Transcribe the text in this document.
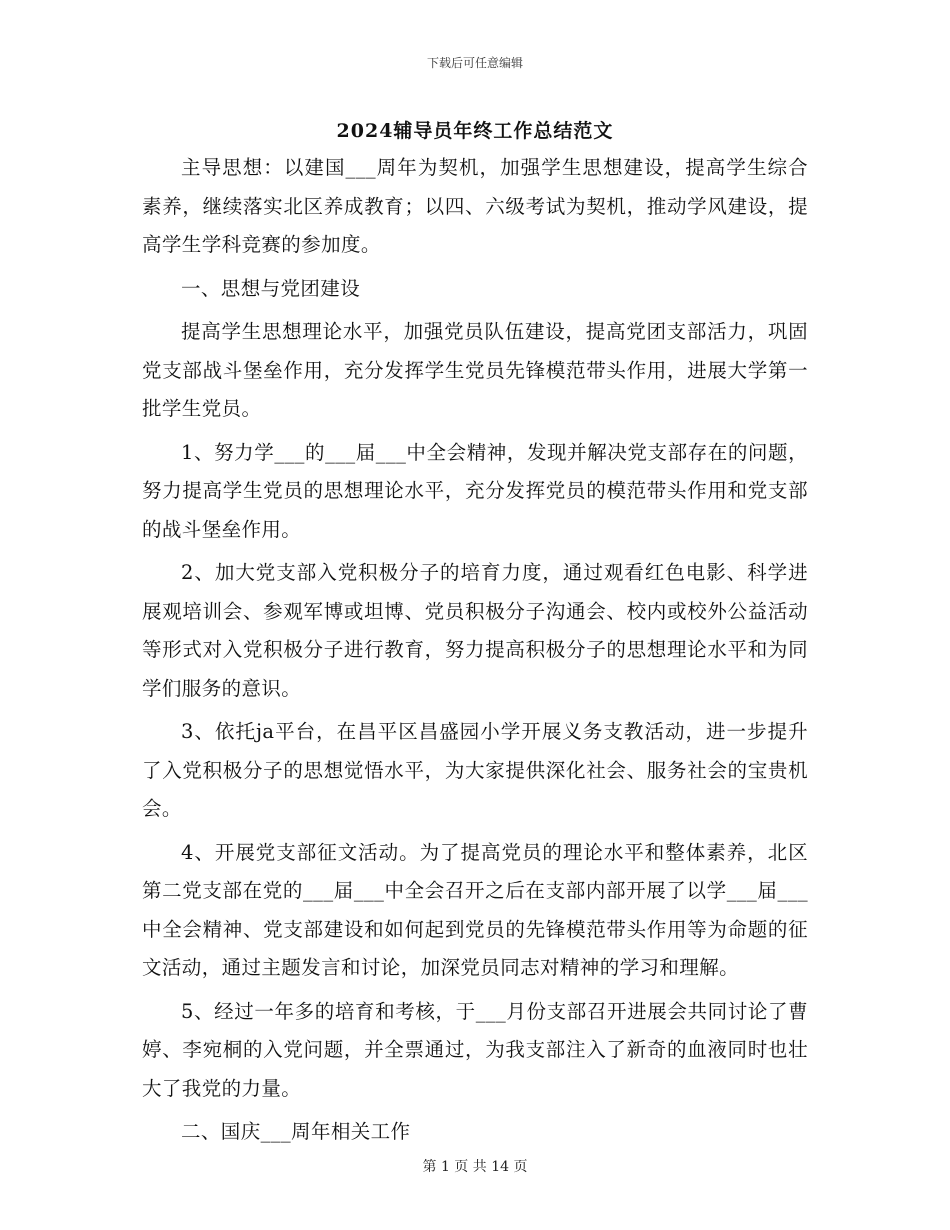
下载后可任意编辑
2024辅导员年终工作总结范文

主导思想：以建国___周年为契机，加强学生思想建设，提高学生综合素养，继续落实北区养成教育；以四、六级考试为契机，推动学风建设，提高学生学科竞赛的参加度。

一、思想与党团建设

提高学生思想理论水平，加强党员队伍建设，提高党团支部活力，巩固党支部战斗堡垒作用，充分发挥学生党员先锋模范带头作用，进展大学第一批学生党员。

1、努力学___的___届___中全会精神，发现并解决党支部存在的问题，努力提高学生党员的思想理论水平，充分发挥党员的模范带头作用和党支部的战斗堡垒作用。

2、加大党支部入党积极分子的培育力度，通过观看红色电影、科学进展观培训会、参观军博或坦博、党员积极分子沟通会、校内或校外公益活动等形式对入党积极分子进行教育，努力提高积极分子的思想理论水平和为同学们服务的意识。

3、依托ja平台，在昌平区昌盛园小学开展义务支教活动，进一步提升了入党积极分子的思想觉悟水平，为大家提供深化社会、服务社会的宝贵机会。

4、开展党支部征文活动。为了提高党员的理论水平和整体素养，北区第二党支部在党的___届___中全会召开之后在支部内部开展了以学___届___中全会精神、党支部建设和如何起到党员的先锋模范带头作用等为命题的征文活动，通过主题发言和讨论，加深党员同志对精神的学习和理解。

5、经过一年多的培育和考核，于___月份支部召开进展会共同讨论了曹婷、李宛桐的入党问题，并全票通过，为我支部注入了新奇的血液同时也壮大了我党的力量。

二、国庆___周年相关工作

第 1 页 共 14 页
